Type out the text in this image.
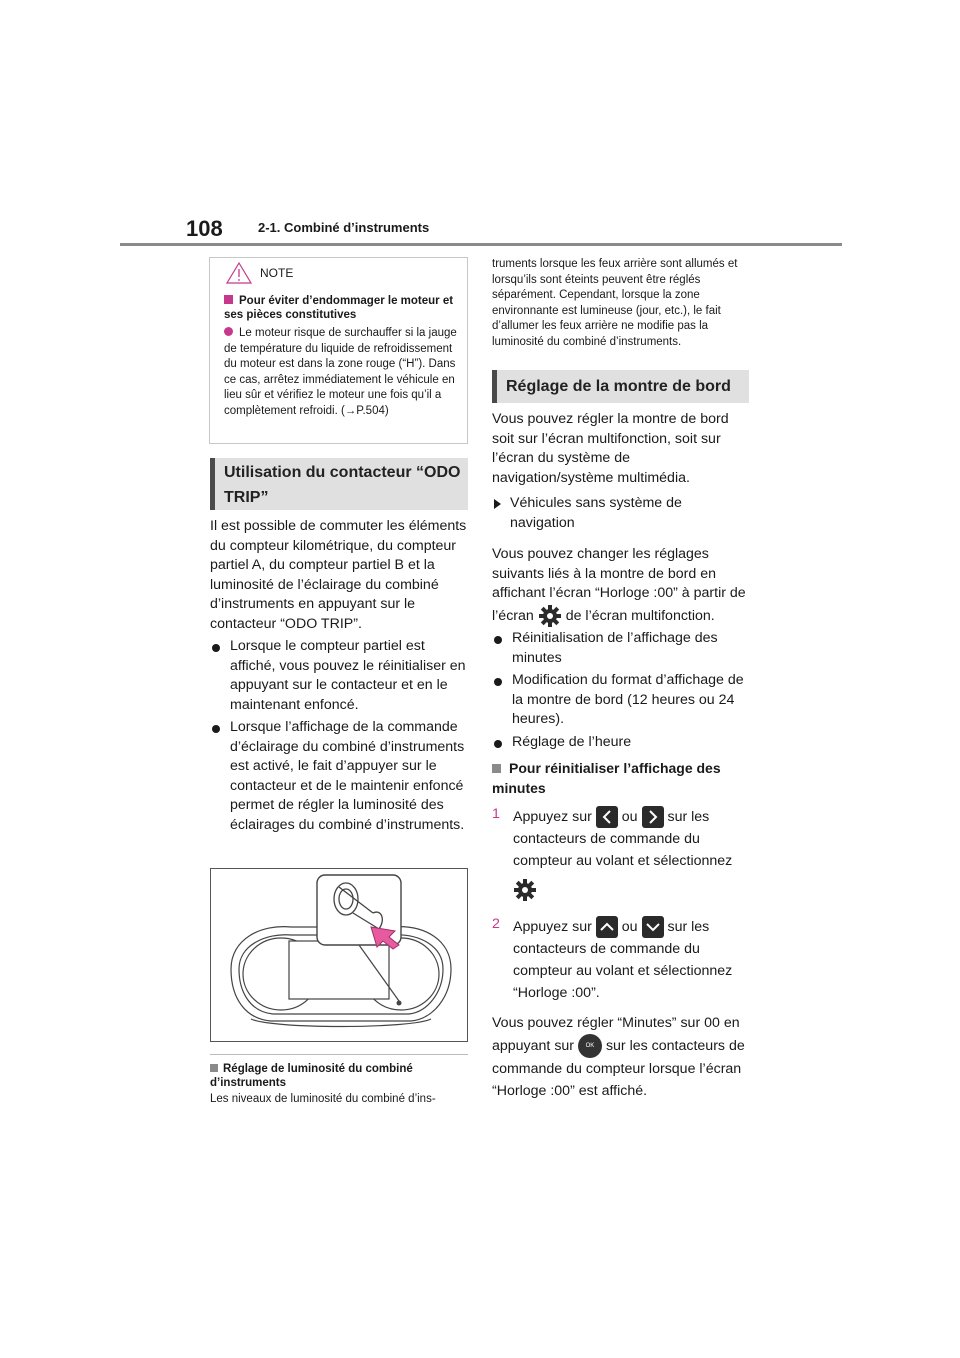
108	2-1. Combiné d’instruments
NOTE
Pour éviter d’endommager le moteur et ses pièces constitutives
Le moteur risque de surchauffer si la jauge de température du liquide de refroidissement du moteur est dans la zone rouge (“H”). Dans ce cas, arrêtez immédiatement le véhicule en lieu sûr et vérifiez le moteur une fois qu’il a complètement refroidi. (→P.504)
Utilisation du contacteur “ODO TRIP”
Il est possible de commuter les éléments du compteur kilométrique, du compteur partiel A, du compteur partiel B et la luminosité de l’éclairage du combiné d’instruments en appuyant sur le contacteur “ODO TRIP”.
Lorsque le compteur partiel est affiché, vous pouvez le réinitialiser en appuyant sur le contacteur et en le maintenant enfoncé.
Lorsque l’affichage de la commande d’éclairage du combiné d’instruments est activé, le fait d’appuyer sur le contacteur et de le maintenir enfoncé permet de régler la luminosité des éclairages du combiné d’instruments.
Réglage de luminosité du combiné d’instruments
Les niveaux de luminosité du combiné d’ins-
truments lorsque les feux arrière sont allumés et lorsqu’ils sont éteints peuvent être réglés séparément. Cependant, lorsque la zone environnante est lumineuse (jour, etc.), le fait d’allumer les feux arrière ne modifie pas la luminosité du combiné d’instruments.
Réglage de la montre de bord
Vous pouvez régler la montre de bord soit sur l’écran multifonction, soit sur l’écran du système de navigation/système multimédia.
Véhicules sans système de navigation
Vous pouvez changer les réglages suivants liés à la montre de bord en affichant l’écran “Horloge :00” à partir de l’écran de l’écran multifonction.
Réinitialisation de l’affichage des minutes
Modification du format d’affichage de la montre de bord (12 heures ou 24 heures).
Réglage de l’heure
Pour réinitialiser l’affichage des minutes
1 Appuyez sur ou sur les contacteurs de commande du compteur au volant et sélectionnez

2 Appuyez sur ou sur les contacteurs de commande du compteur au volant et sélectionnez “Horloge :00”.
Vous pouvez régler “Minutes” sur 00 en appuyant sur OK sur les contacteurs de commande du compteur lorsque l’écran “Horloge :00” est affiché.
